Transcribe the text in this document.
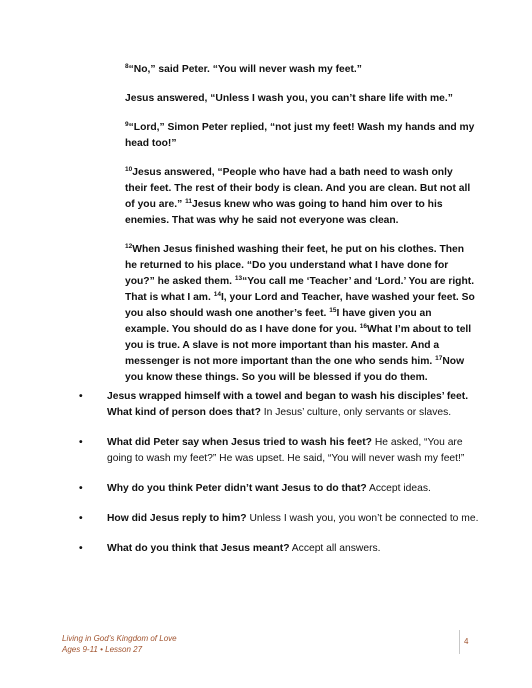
$^8$“No,” said Peter. “You will never wash my feet.”

Jesus answered, “Unless I wash you, you can’t share life with me.”

$^9$“Lord,” Simon Peter replied, “not just my feet! Wash my hands and my head too!”

$^{10}$Jesus answered, “People who have had a bath need to wash only their feet. The rest of their body is clean. And you are clean. But not all of you are.” $^{11}$Jesus knew who was going to hand him over to his enemies. That was why he said not everyone was clean.

$^{12}$When Jesus finished washing their feet, he put on his clothes. Then he returned to his place. “Do you understand what I have done for you?” he asked them. $^{13}$“You call me ‘Teacher’ and ‘Lord.’ You are right. That is what I am. $^{14}$I, your Lord and Teacher, have washed your feet. So you also should wash one another’s feet. $^{15}$I have given you an example. You should do as I have done for you. $^{16}$What I’m about to tell you is true. A slave is not more important than his master. And a messenger is not more important than the one who sends him. $^{17}$Now you know these things. So you will be blessed if you do them.

• Jesus wrapped himself with a towel and began to wash his disciples’ feet. What kind of person does that? In Jesus’ culture, only servants or slaves.
• What did Peter say when Jesus tried to wash his feet? He asked, “You are going to wash my feet?” He was upset. He said, “You will never wash my feet!”
• Why do you think Peter didn’t want Jesus to do that? Accept ideas.
• How did Jesus reply to him? Unless I wash you, you won’t be connected to me.
• What do you think that Jesus meant? Accept all answers.
Living in God’s Kingdom of Love
Ages 9-11 • Lesson 27
4
